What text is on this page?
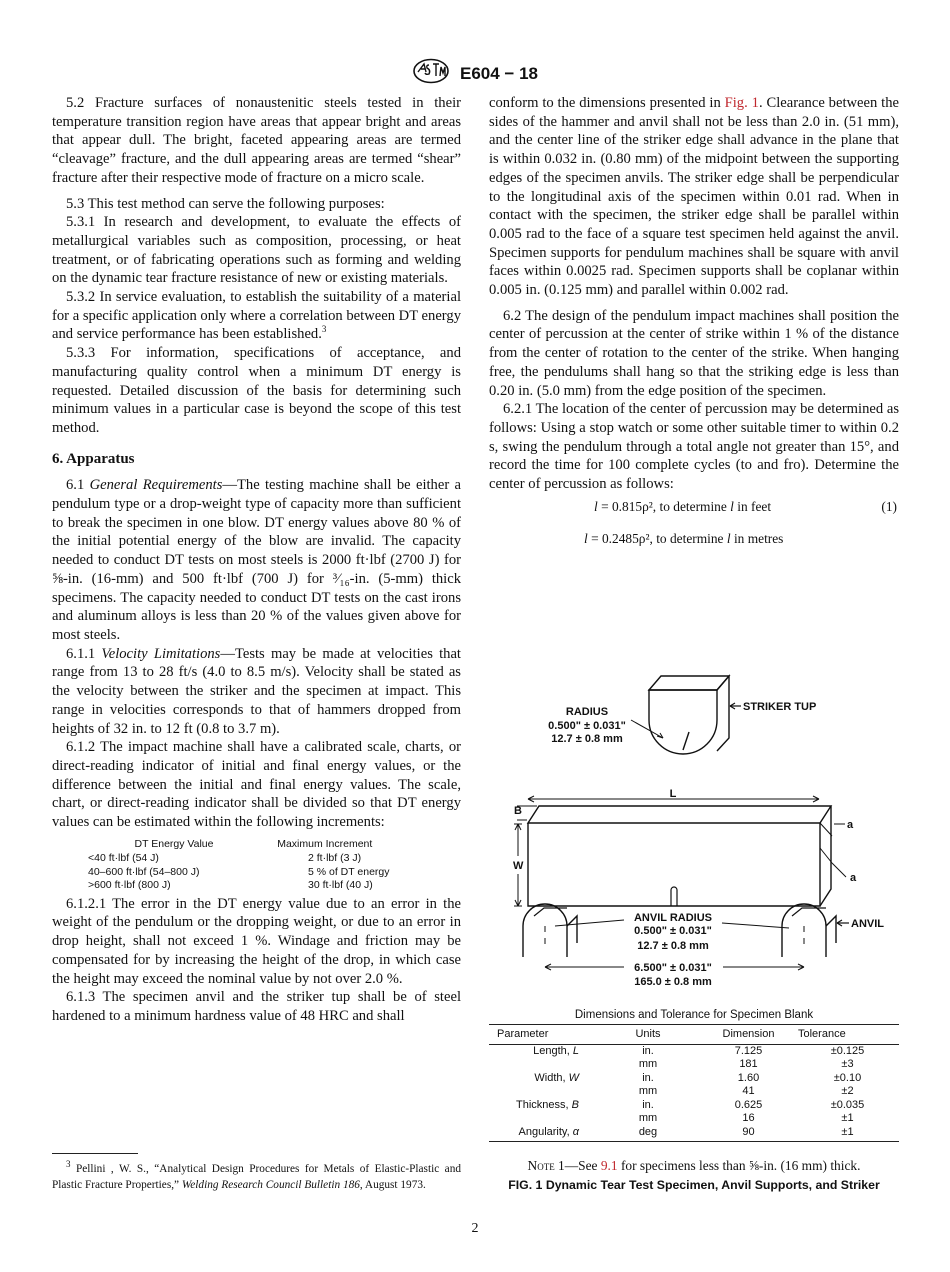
E604 − 18

5.2 Fracture surfaces of nonaustenitic steels tested in their temperature transition region have areas that appear bright and areas that appear dull. The bright, faceted appearing areas are termed “cleavage” fracture, and the dull appearing areas are termed “shear” fracture after their respective mode of fracture on a micro scale.

5.3 This test method can serve the following purposes:

5.3.1 In research and development, to evaluate the effects of metallurgical variables such as composition, processing, or heat treatment, or of fabricating operations such as forming and welding on the dynamic tear fracture resistance of new or existing materials.

5.3.2 In service evaluation, to establish the suitability of a material for a specific application only where a correlation between DT energy and service performance has been established.$^3$

5.3.3 For information, specifications of acceptance, and manufacturing quality control when a minimum DT energy is requested. Detailed discussion of the basis for determining such minimum values in a particular case is beyond the scope of this test method.

6. Apparatus

6.1 General Requirements—The testing machine shall be either a pendulum type or a drop-weight type of capacity more than sufficient to break the specimen in one blow. DT energy values above 80 % of the initial potential energy of the blow are invalid. The capacity needed to conduct DT tests on most steels is 2000 ft·lbf (2700 J) for ⅝-in. (16-mm) and 500 ft·lbf (700 J) for ³⁄₁₆-in. (5-mm) thick specimens. The capacity needed to conduct DT tests on the cast irons and aluminum alloys is less than 20 % of the values given above for most steels.

6.1.1 Velocity Limitations—Tests may be made at velocities that range from 13 to 28 ft/s (4.0 to 8.5 m/s). Velocity shall be stated as the velocity between the striker and the specimen at impact. This range in velocities corresponds to that of hammers dropped from heights of 32 in. to 12 ft (0.8 to 3.7 m).

6.1.2 The impact machine shall have a calibrated scale, charts, or direct-reading indicator of initial and final energy values, or the difference between the initial and final energy values. The scale, chart, or direct-reading indicator shall be divided so that DT energy values can be estimated within the following increments:

DT Energy Value	Maximum Increment
<40 ft·lbf (54 J)	2 ft·lbf (3 J)
40–600 ft·lbf (54–800 J)	5 % of DT energy
>600 ft·lbf (800 J)	30 ft·lbf (40 J)

6.1.2.1 The error in the DT energy value due to an error in the weight of the pendulum or the dropping weight, or due to an error in drop height, shall not exceed 1 %. Windage and friction may be compensated for by increasing the height of the drop, in which case the height may exceed the nominal value by not over 2.0 %.

6.1.3 The specimen anvil and the striker tup shall be of steel hardened to a minimum hardness value of 48 HRC and shall

$^3$ Pellini , W. S., “Analytical Design Procedures for Metals of Elastic-Plastic and Plastic Fracture Properties,” Welding Research Council Bulletin 186, August 1973.

conform to the dimensions presented in Fig. 1. Clearance between the sides of the hammer and anvil shall not be less than 2.0 in. (51 mm), and the center line of the striker edge shall advance in the plane that is within 0.032 in. (0.80 mm) of the midpoint between the supporting edges of the specimen anvils. The striker edge shall be perpendicular to the longitudinal axis of the specimen within 0.01 rad. When in contact with the specimen, the striker edge shall be parallel within 0.005 rad to the face of a square test specimen held against the anvil. Specimen supports for pendulum machines shall be square with anvil faces within 0.0025 rad. Specimen supports shall be coplanar within 0.005 in. (0.125 mm) and parallel within 0.002 rad.

6.2 The design of the pendulum impact machines shall position the center of percussion at the center of strike within 1 % of the distance from the center of rotation to the center of the strike. When hanging free, the pendulums shall hang so that the striking edge is less than 0.20 in. (5.0 mm) from the edge position of the specimen.

6.2.1 The location of the center of percussion may be determined as follows: Using a stop watch or some other suitable timer to within 0.2 s, swing the pendulum through a total angle not greater than 15°, and record the time for 100 complete cycles (to and fro). Determine the center of percussion as follows:

l = 0.815ρ², to determine l in feet	(1)
l = 0.2485ρ², to determine l in metres
RADIUS
0.500" ± 0.031"
12.7 ± 0.8 mm
STRIKER TUP
L
B
W
a
a
ANVIL
ANVIL RADIUS
0.500" ± 0.031"
12.7 ± 0.8 mm
6.500" ± 0.031"
165.0 ± 0.8 mm
Dimensions and Tolerance for Specimen Blank
Parameter	Units	Dimension	Tolerance
Length, L	in.	7.125	±0.125
	mm	181	±3
Width, W	in.	1.60	±0.10
	mm	41	±2
Thickness, B	in.	0.625	±0.035
	mm	16	±1
Angularity, α	deg	90	±1
Note 1—See 9.1 for specimens less than ⅝-in. (16 mm) thick.
FIG. 1 Dynamic Tear Test Specimen, Anvil Supports, and Striker
2
